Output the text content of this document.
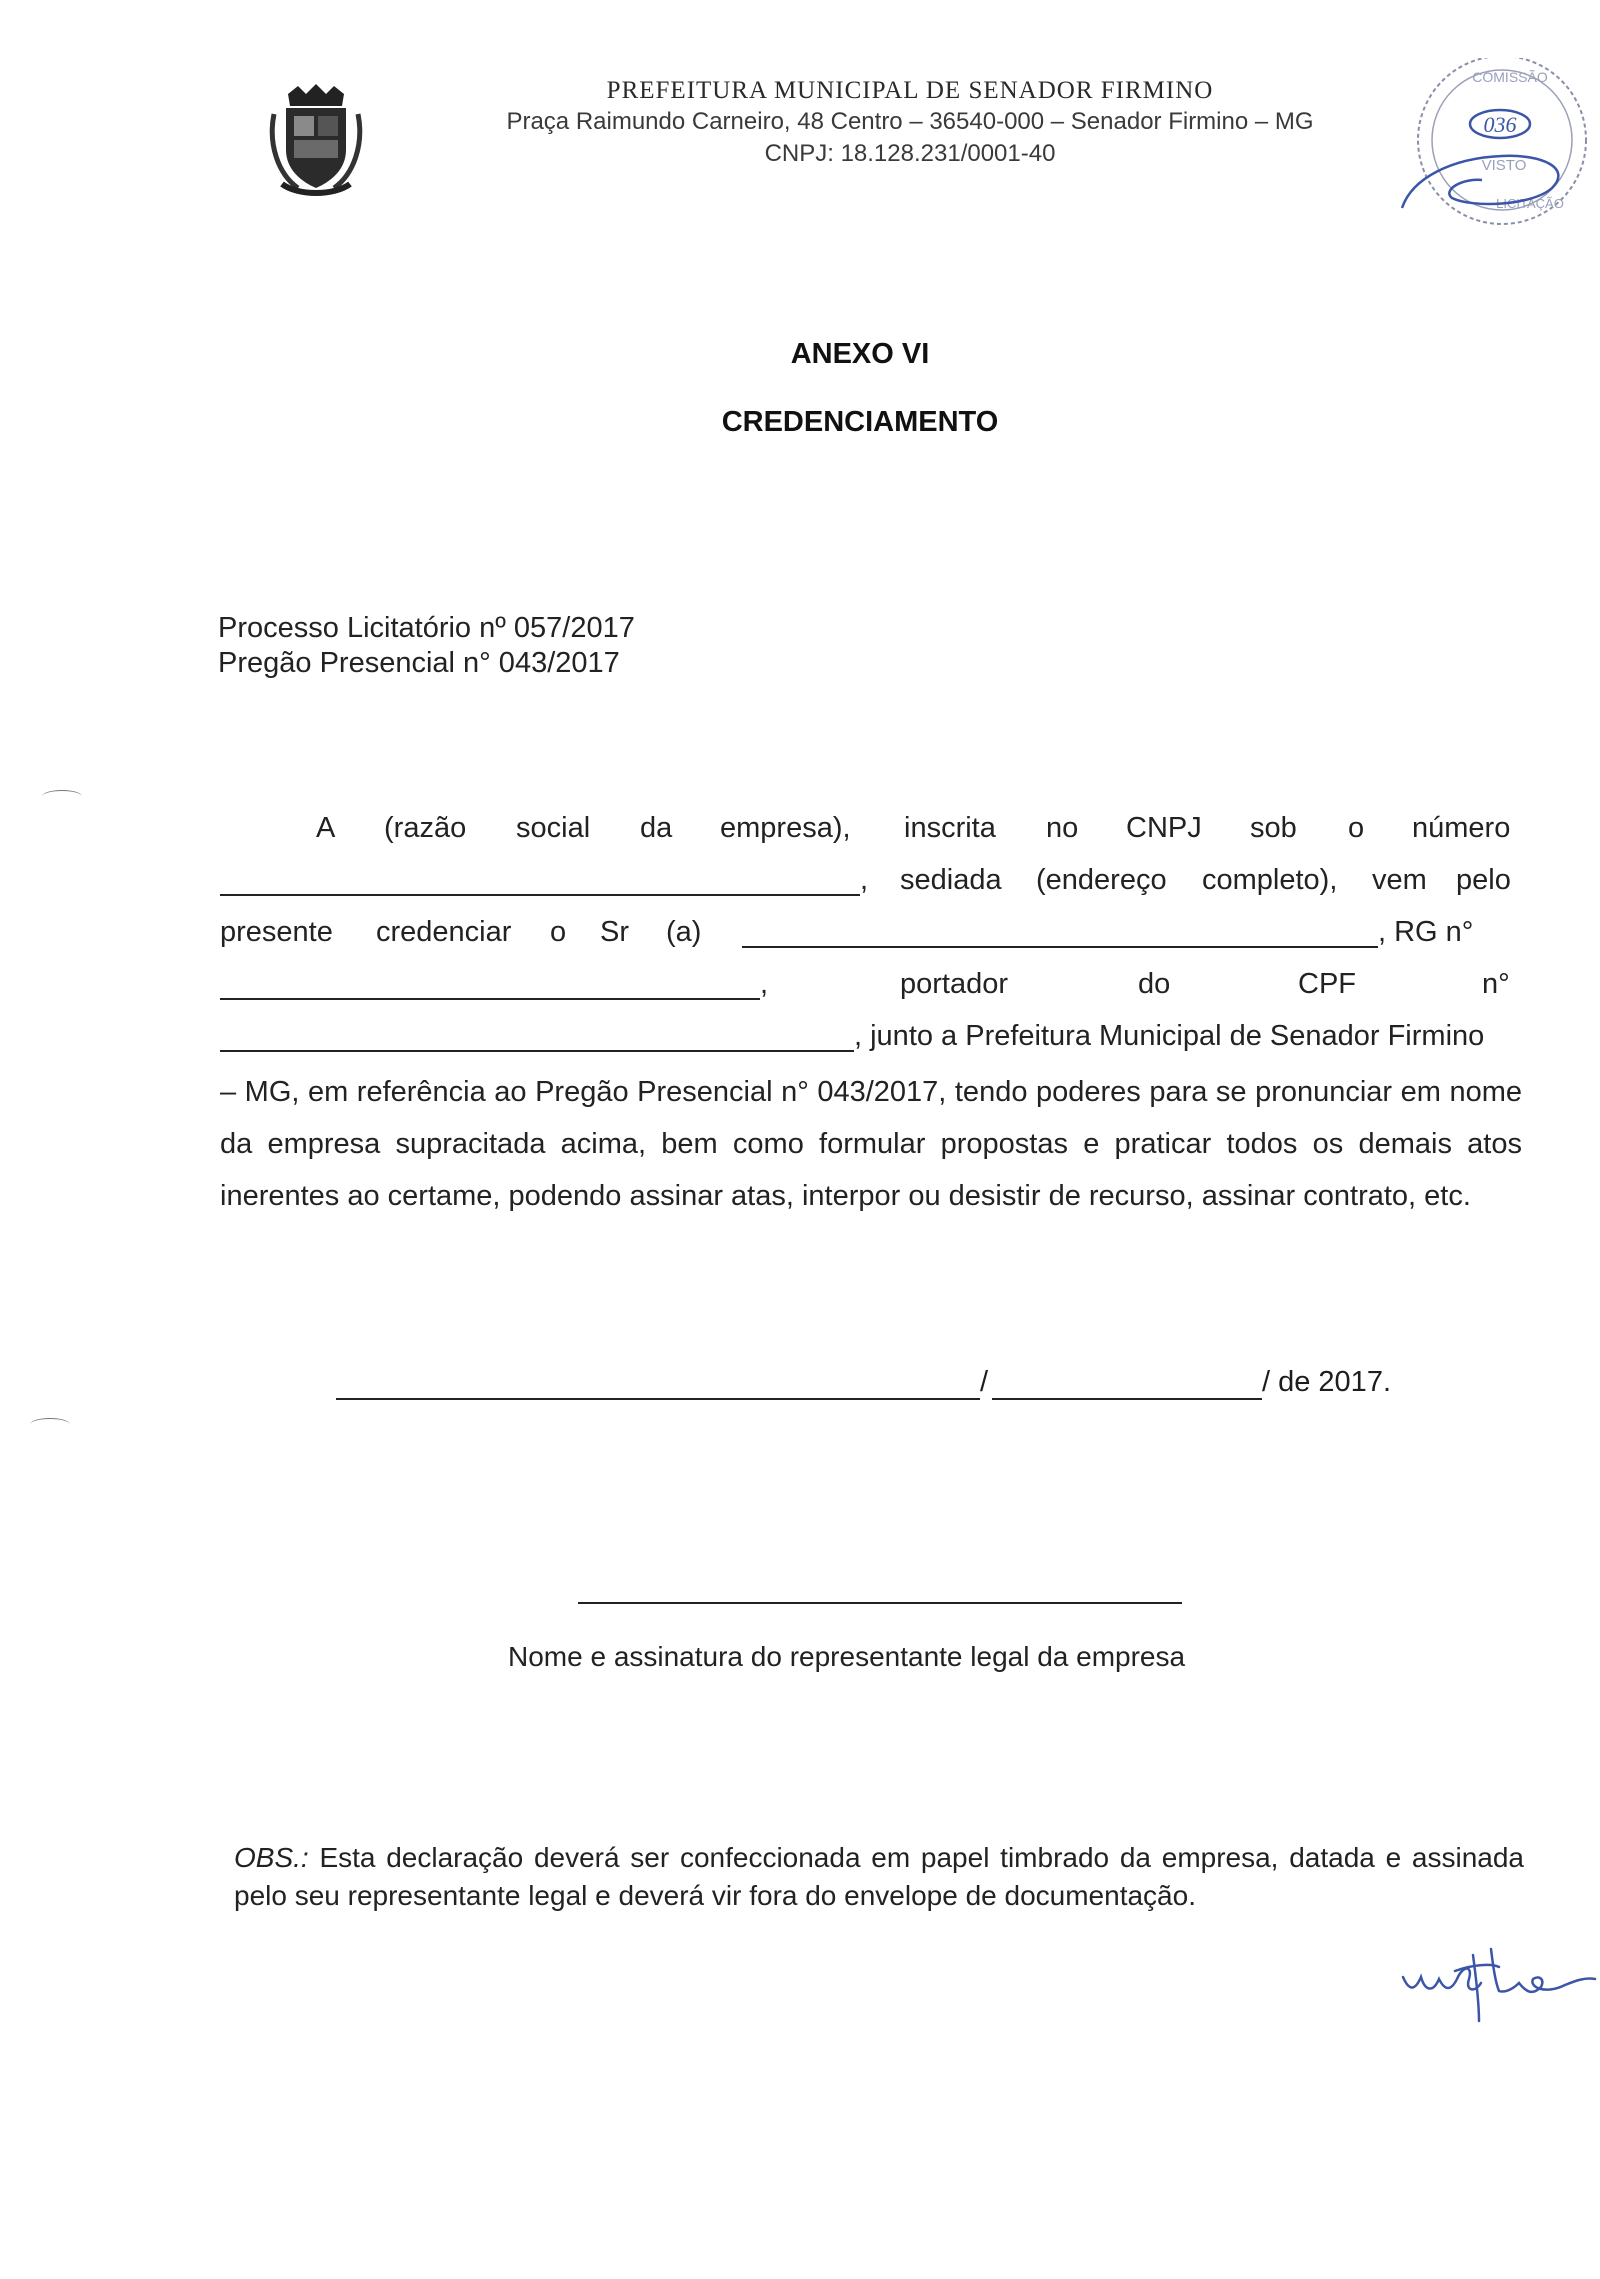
PREFEITURA MUNICIPAL DE SENADOR FIRMINO
Praça Raimundo Carneiro, 48 Centro – 36540-000 – Senador Firmino – MG
CNPJ: 18.128.231/0001-40
036
COMISSÃO
VISTO
LICITAÇÃO
ANEXO VI
CREDENCIAMENTO
Processo Licitatório nº 057/2017
Pregão Presencial n° 043/2017
A (razão social da empresa), inscrita no CNPJ sob o número
, sediada (endereço completo), vem pelo
presente credenciar o Sr (a)	, RG n°
,	portador	do	CPF	n°
, junto a Prefeitura Municipal de Senador Firmino
– MG, em referência ao Pregão Presencial n° 043/2017, tendo poderes para se pronunciar em nome da empresa supracitada acima, bem como formular propostas e praticar todos os demais atos inerentes ao certame, podendo assinar atas, interpor ou desistir de recurso, assinar contrato, etc.
/	/ de 2017.
Nome e assinatura do representante legal da empresa
OBS.: Esta declaração deverá ser confeccionada em papel timbrado da empresa, datada e assinada pelo seu representante legal e deverá vir fora do envelope de documentação.
